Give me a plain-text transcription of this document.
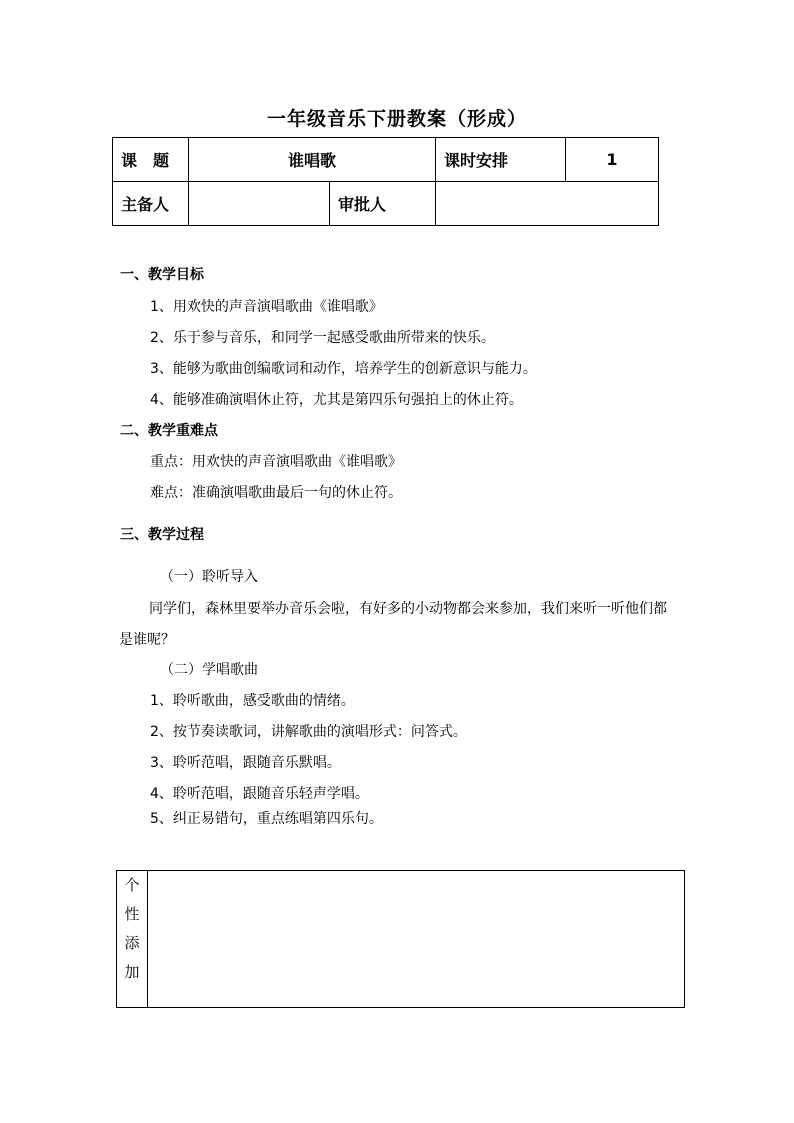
一年级音乐下册教案（形成）
课　题	谁唱歌		课时安排	1
主备人		审批人		
一、教学目标
1、用欢快的声音演唱歌曲《谁唱歌》
2、乐于参与音乐，和同学一起感受歌曲所带来的快乐。
3、能够为歌曲创编歌词和动作，培养学生的创新意识与能力。
4、能够准确演唱休止符，尤其是第四乐句强拍上的休止符。
二、教学重难点
重点：用欢快的声音演唱歌曲《谁唱歌》
难点：准确演唱歌曲最后一句的休止符。
三、教学过程
（一）聆听导入
同学们，森林里要举办音乐会啦，有好多的小动物都会来参加，我们来听一听他们都是谁呢？
（二）学唱歌曲
1、聆听歌曲，感受歌曲的情绪。
2、按节奏读歌词，讲解歌曲的演唱形式：问答式。
3、聆听范唱，跟随音乐默唱。
4、聆听范唱，跟随音乐轻声学唱。
5、纠正易错句，重点练唱第四乐句。
个
性
添
加
